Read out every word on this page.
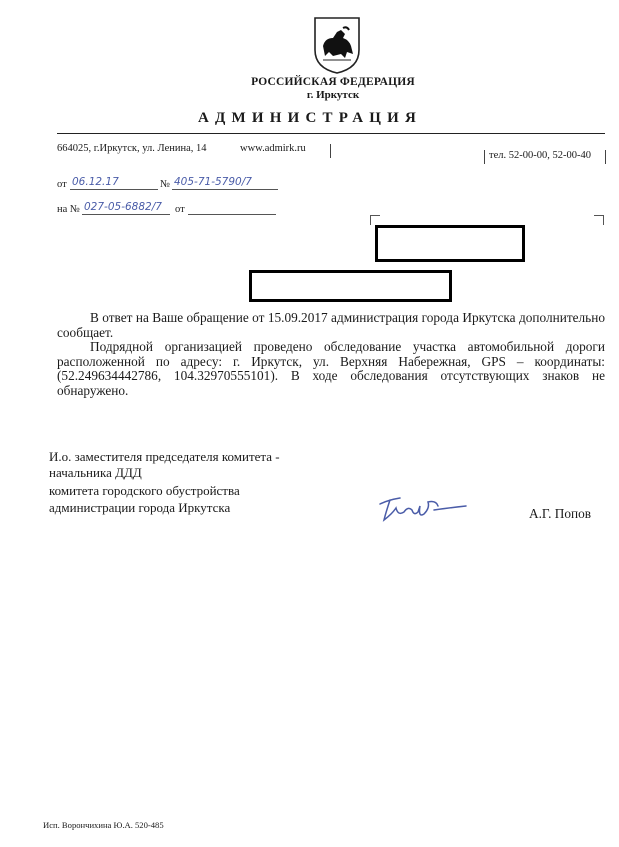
РОССИЙСКАЯ ФЕДЕРАЦИЯ
г. Иркутск
АДМИНИСТРАЦИЯ
664025, г.Иркутск, ул. Ленина, 14	www.admirk.ru
тел. 52-00-00, 52-00-40
от 06.12.17	№ 405-71-5790/7
на № 027-05-6882/7 от
В ответ на Ваше обращение от 15.09.2017 администрация города Иркутска дополнительно сообщает.
Подрядной организацией проведено обследование участка автомобильной дороги расположенной по адресу: г. Иркутск, ул. Верхняя Набережная, GPS – координаты: (52.249634442786, 104.32970555101). В ходе обследования отсутствующих знаков не обнаружено.
И.о. заместителя председателя комитета -
начальника ДДД
комитета городского обустройства
администрации города Иркутска	А.Г. Попов
Исп. Ворончихина Ю.А. 520-485
